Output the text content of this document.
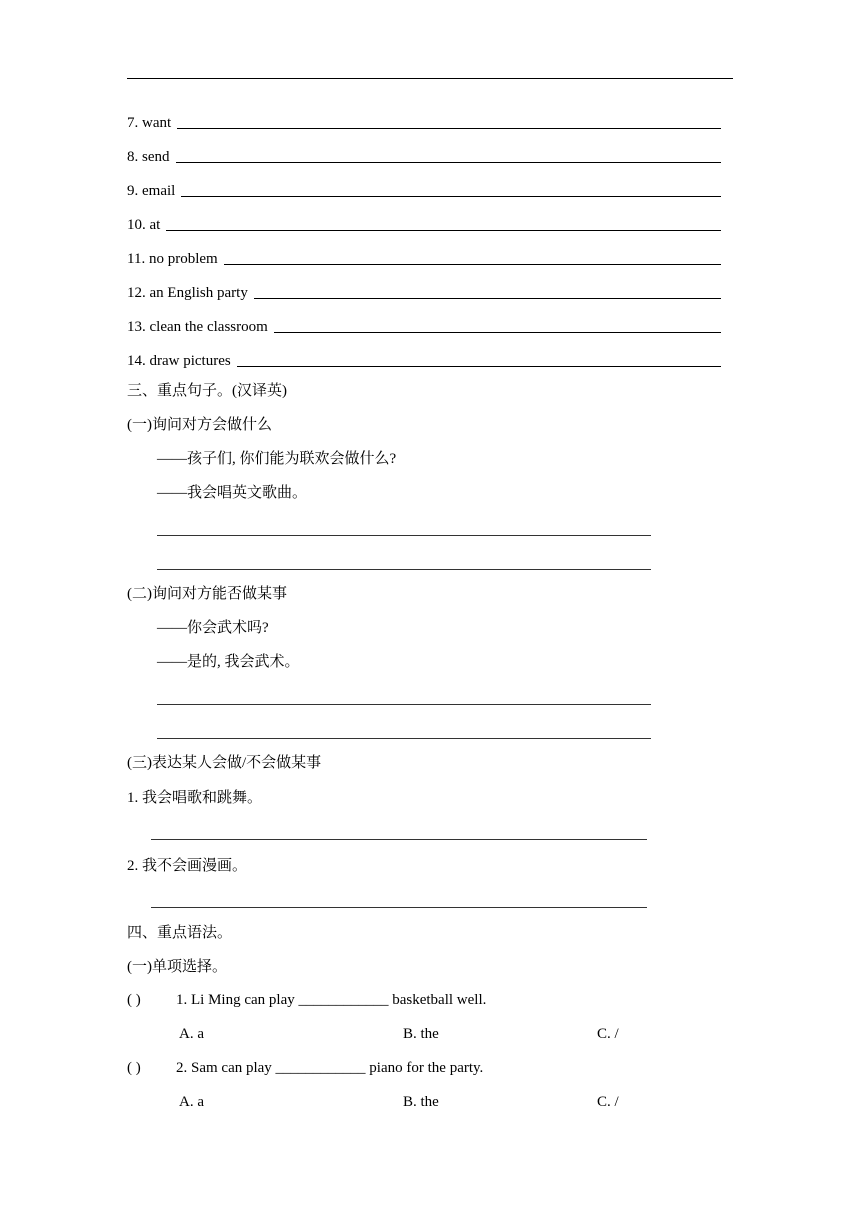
7. want
8. send
9. email
10. at
11. no problem
12. an English party
13. clean the classroom
14. draw pictures
三、重点句子。(汉译英)
(一)询问对方会做什么
——孩子们, 你们能为联欢会做什么?
——我会唱英文歌曲。
(二)询问对方能否做某事
——你会武术吗?
——是的, 我会武术。
(三)表达某人会做/不会做某事
1. 我会唱歌和跳舞。
2. 我不会画漫画。
四、重点语法。
(一)单项选择。
( ) 1. Li Ming can play ____________ basketball well.
A. a	B. the	C. /
( ) 2. Sam can play ____________ piano for the party.
A. a	B. the	C. /
